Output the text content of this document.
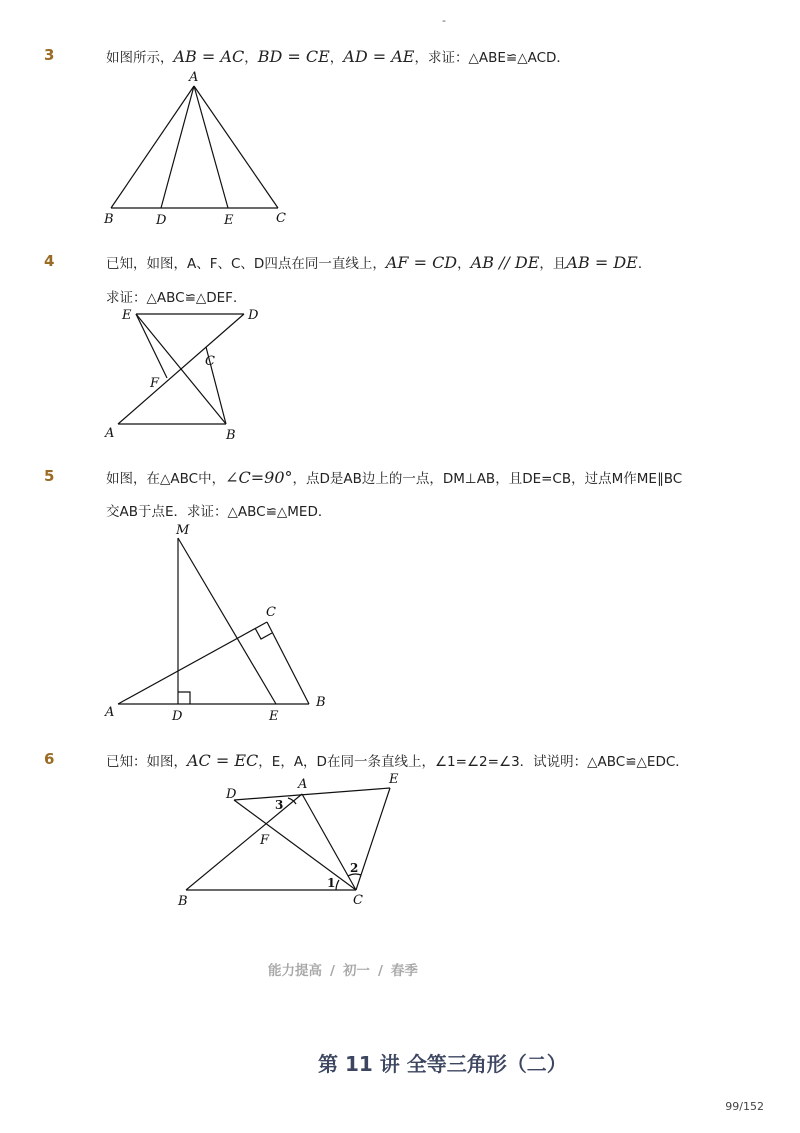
-
3	如图所示，AB = AC，BD = CE，AD = AE，求证：△ABE≌△ACD．
A
B	D	E	C
4	已知，如图，A、F、C、D四点在同一直线上，AF = CD，AB // DE，且AB = DE．
求证：△ABC≌△DEF．
E	D
C
F
A	B
5	如图，在△ABC中，∠C=90°，点D是AB边上的一点，DM⊥AB，且DE=CB，过点M作ME∥BC
交AB于点E．求证：△ABC≌△MED．
M
C
A	D	E
B
6	已知：如图，AC = EC，E，A，D在同一条直线上，∠1=∠2=∠3．试说明：△ABC≌△EDC．
D
A	E
F
B	C
1
2
3
能力提高 / 初一 / 春季
第 11 讲 全等三角形（二）
99/152
